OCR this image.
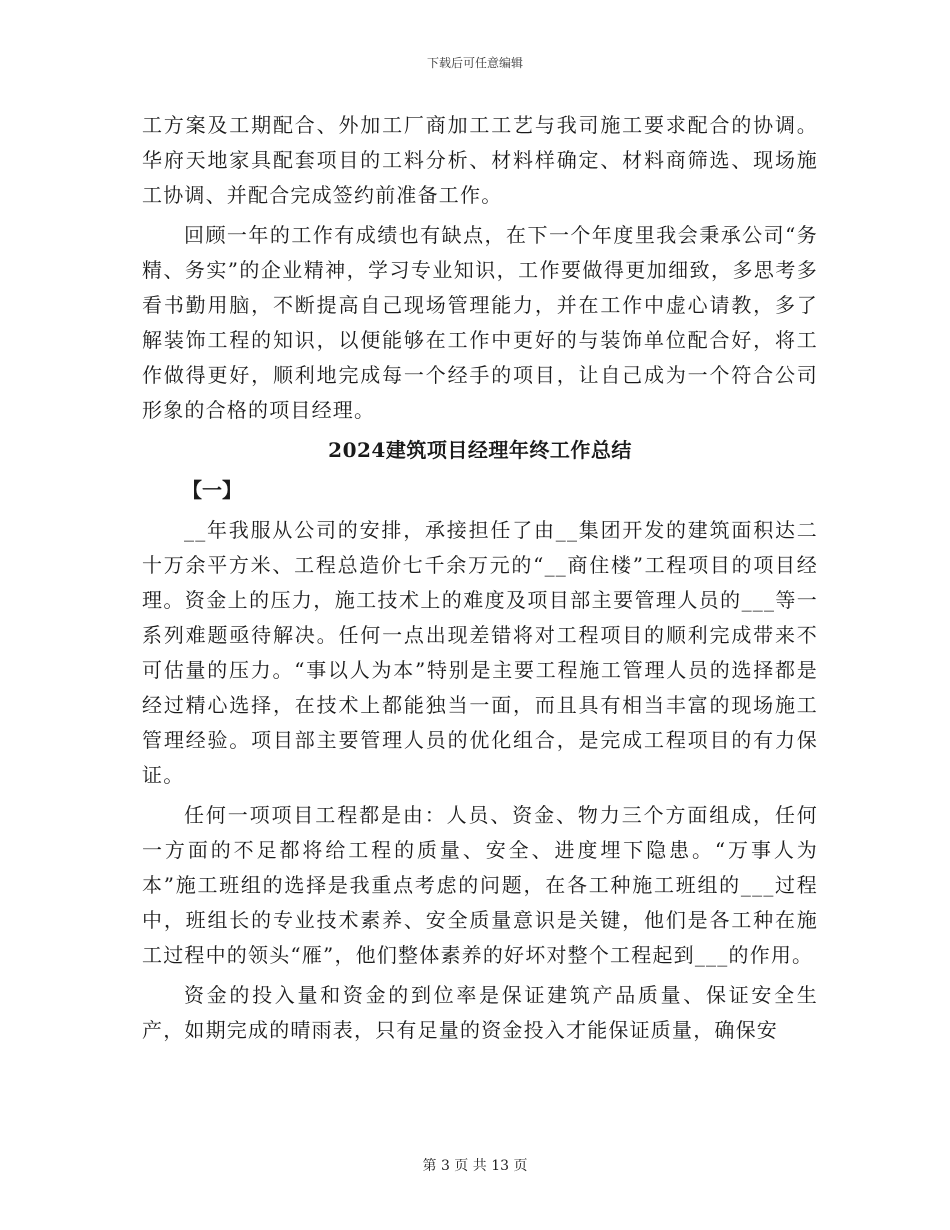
下载后可任意编辑

工方案及工期配合、外加工厂商加工工艺与我司施工要求配合的协调。华府天地家具配套项目的工料分析、材料样确定、材料商筛选、现场施工协调、并配合完成签约前准备工作。

回顾一年的工作有成绩也有缺点，在下一个年度里我会秉承公司“务精、务实”的企业精神，学习专业知识，工作要做得更加细致，多思考多看书勤用脑，不断提高自己现场管理能力，并在工作中虚心请教，多了解装饰工程的知识，以便能够在工作中更好的与装饰单位配合好，将工作做得更好，顺利地完成每一个经手的项目，让自己成为一个符合公司形象的合格的项目经理。

2024建筑项目经理年终工作总结

【一】

__年我服从公司的安排，承接担任了由__集团开发的建筑面积达二十万余平方米、工程总造价七千余万元的“__商住楼”工程项目的项目经理。资金上的压力，施工技术上的难度及项目部主要管理人员的___等一系列难题亟待解决。任何一点出现差错将对工程项目的顺利完成带来不可估量的压力。“事以人为本”特别是主要工程施工管理人员的选择都是经过精心选择，在技术上都能独当一面，而且具有相当丰富的现场施工管理经验。项目部主要管理人员的优化组合，是完成工程项目的有力保证。

任何一项项目工程都是由：人员、资金、物力三个方面组成，任何一方面的不足都将给工程的质量、安全、进度埋下隐患。“万事人为本”施工班组的选择是我重点考虑的问题，在各工种施工班组的___过程中，班组长的专业技术素养、安全质量意识是关键，他们是各工种在施工过程中的领头“雁”，他们整体素养的好坏对整个工程起到___的作用。

资金的投入量和资金的到位率是保证建筑产品质量、保证安全生产，如期完成的晴雨表，只有足量的资金投入才能保证质量，确保安

第 3 页 共 13 页
